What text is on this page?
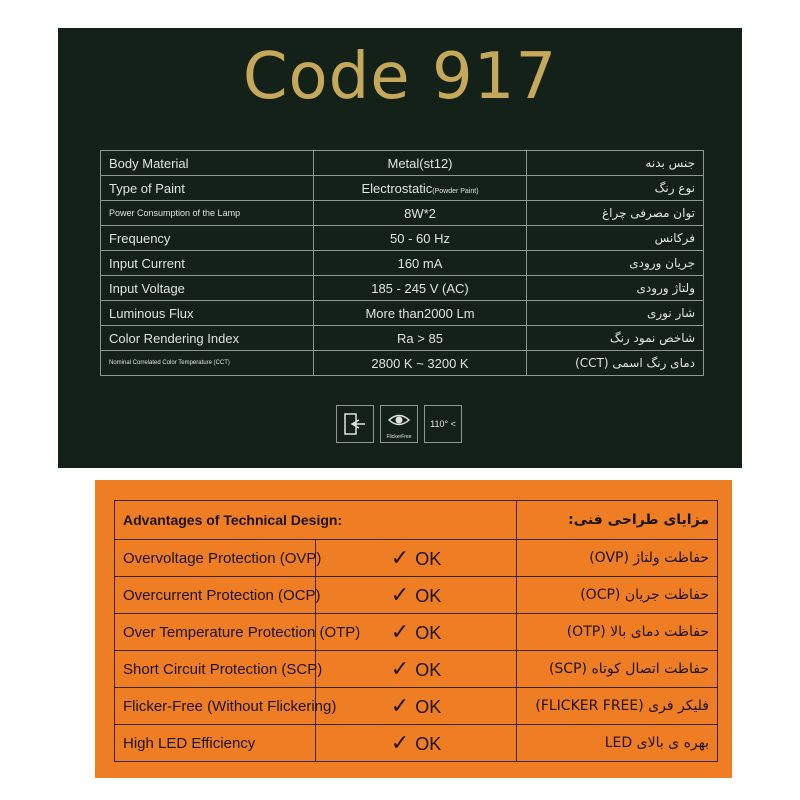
Code 917
Body Material	Metal(st12)	جنس بدنه
Type of Paint	Electrostatic(Powder Paint)	نوع رنگ
Power Consumption of the Lamp	8W*2	توان مصرفی چراغ
Frequency	50 - 60 Hz	فرکانس
Input Current	160 mA	جریان ورودی
Input Voltage	185 - 245 V (AC)	ولتاژ ورودی
Luminous Flux	More than2000 Lm	شار نوری
Color Rendering Index	Ra > 85	شاخص نمود رنگ
Nominal Correlated Color Temperature (CCT)	2800 K ~ 3200 K	دمای رنگ اسمی (CCT)
FlickerFree
110° <
Advantages of Technical Design:		مزایای طراحی فنی:
Overvoltage Protection (OVP)	✓ OK	حفاظت ولتاژ (OVP)
Overcurrent Protection (OCP)	✓ OK	حفاظت جریان (OCP)
Over Temperature Protection (OTP)	✓ OK	حفاظت دمای بالا (OTP)
Short Circuit Protection (SCP)	✓ OK	حفاظت اتصال کوتاه (SCP)
Flicker-Free (Without Flickering)	✓ OK	فلیکر فری (FLICKER FREE)
High LED Efficiency	✓ OK	بهره ی بالای LED
